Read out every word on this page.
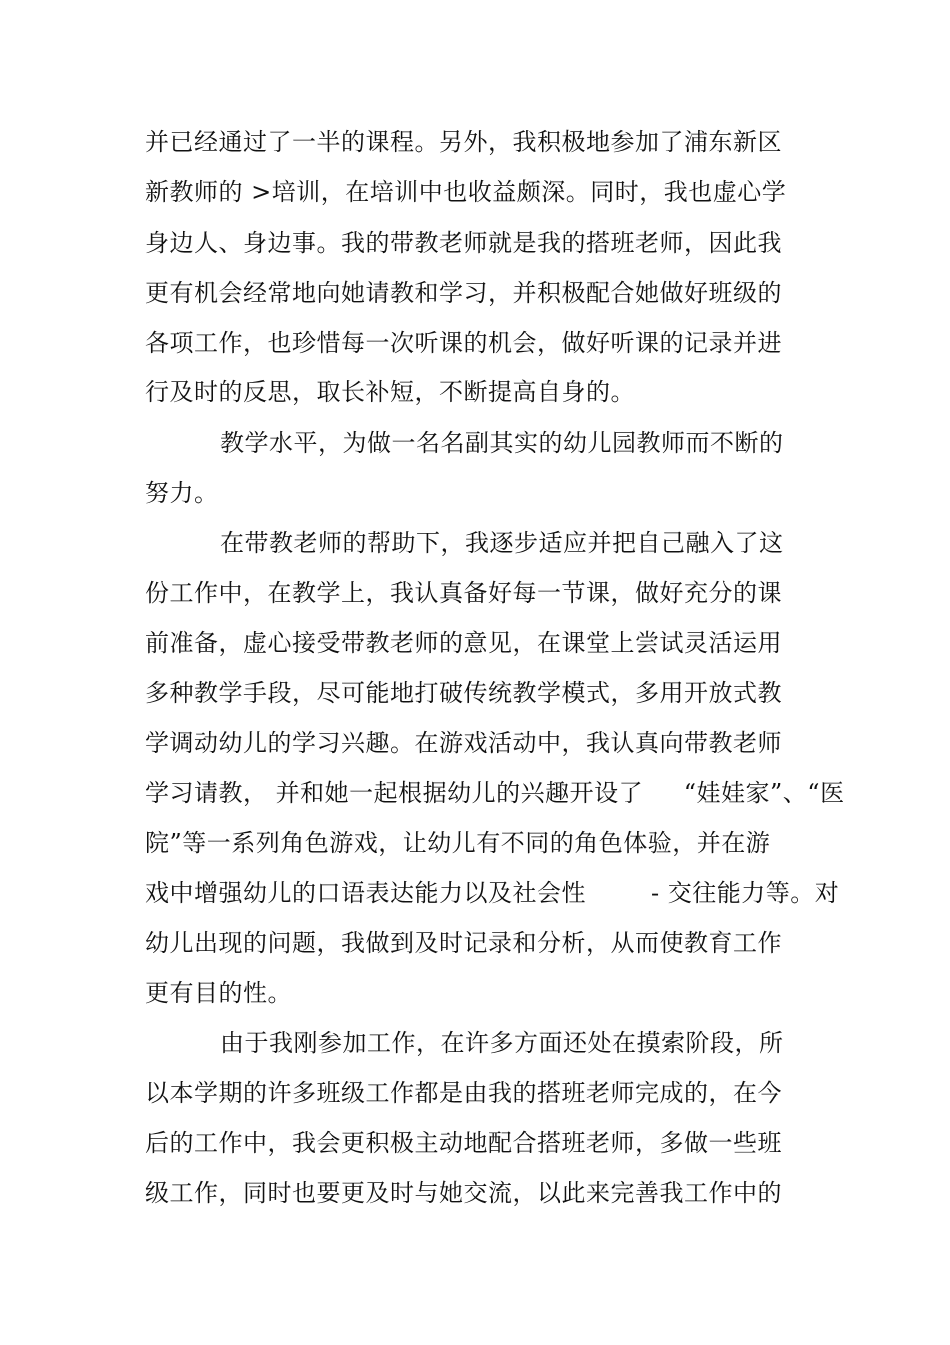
并已经通过了一半的课程。另外，我积极地参加了浦东新区
新教师的 >培训，在培训中也收益颇深。同时，我也虚心学
身边人、身边事。我的带教老师就是我的搭班老师，因此我
更有机会经常地向她请教和学习，并积极配合她做好班级的
各项工作，也珍惜每一次听课的机会，做好听课的记录并进
行及时的反思，取长补短，不断提高自身的。
教学水平，为做一名名副其实的幼儿园教师而不断的
努力。
在带教老师的帮助下，我逐步适应并把自己融入了这
份工作中，在教学上，我认真备好每一节课，做好充分的课
前准备，虚心接受带教老师的意见，在课堂上尝试灵活运用
多种教学手段，尽可能地打破传统教学模式，多用开放式教
学调动幼儿的学习兴趣。在游戏活动中，我认真向带教老师
学习请教， 并和她一起根据幼儿的兴趣开设了     “娃娃家”、“医
院”等一系列角色游戏，让幼儿有不同的角色体验，并在游
戏中增强幼儿的口语表达能力以及社会性        - 交往能力等。对
幼儿出现的问题，我做到及时记录和分析，从而使教育工作
更有目的性。
由于我刚参加工作，在许多方面还处在摸索阶段，所
以本学期的许多班级工作都是由我的搭班老师完成的，在今
后的工作中，我会更积极主动地配合搭班老师，多做一些班
级工作，同时也要更及时与她交流，以此来完善我工作中的
